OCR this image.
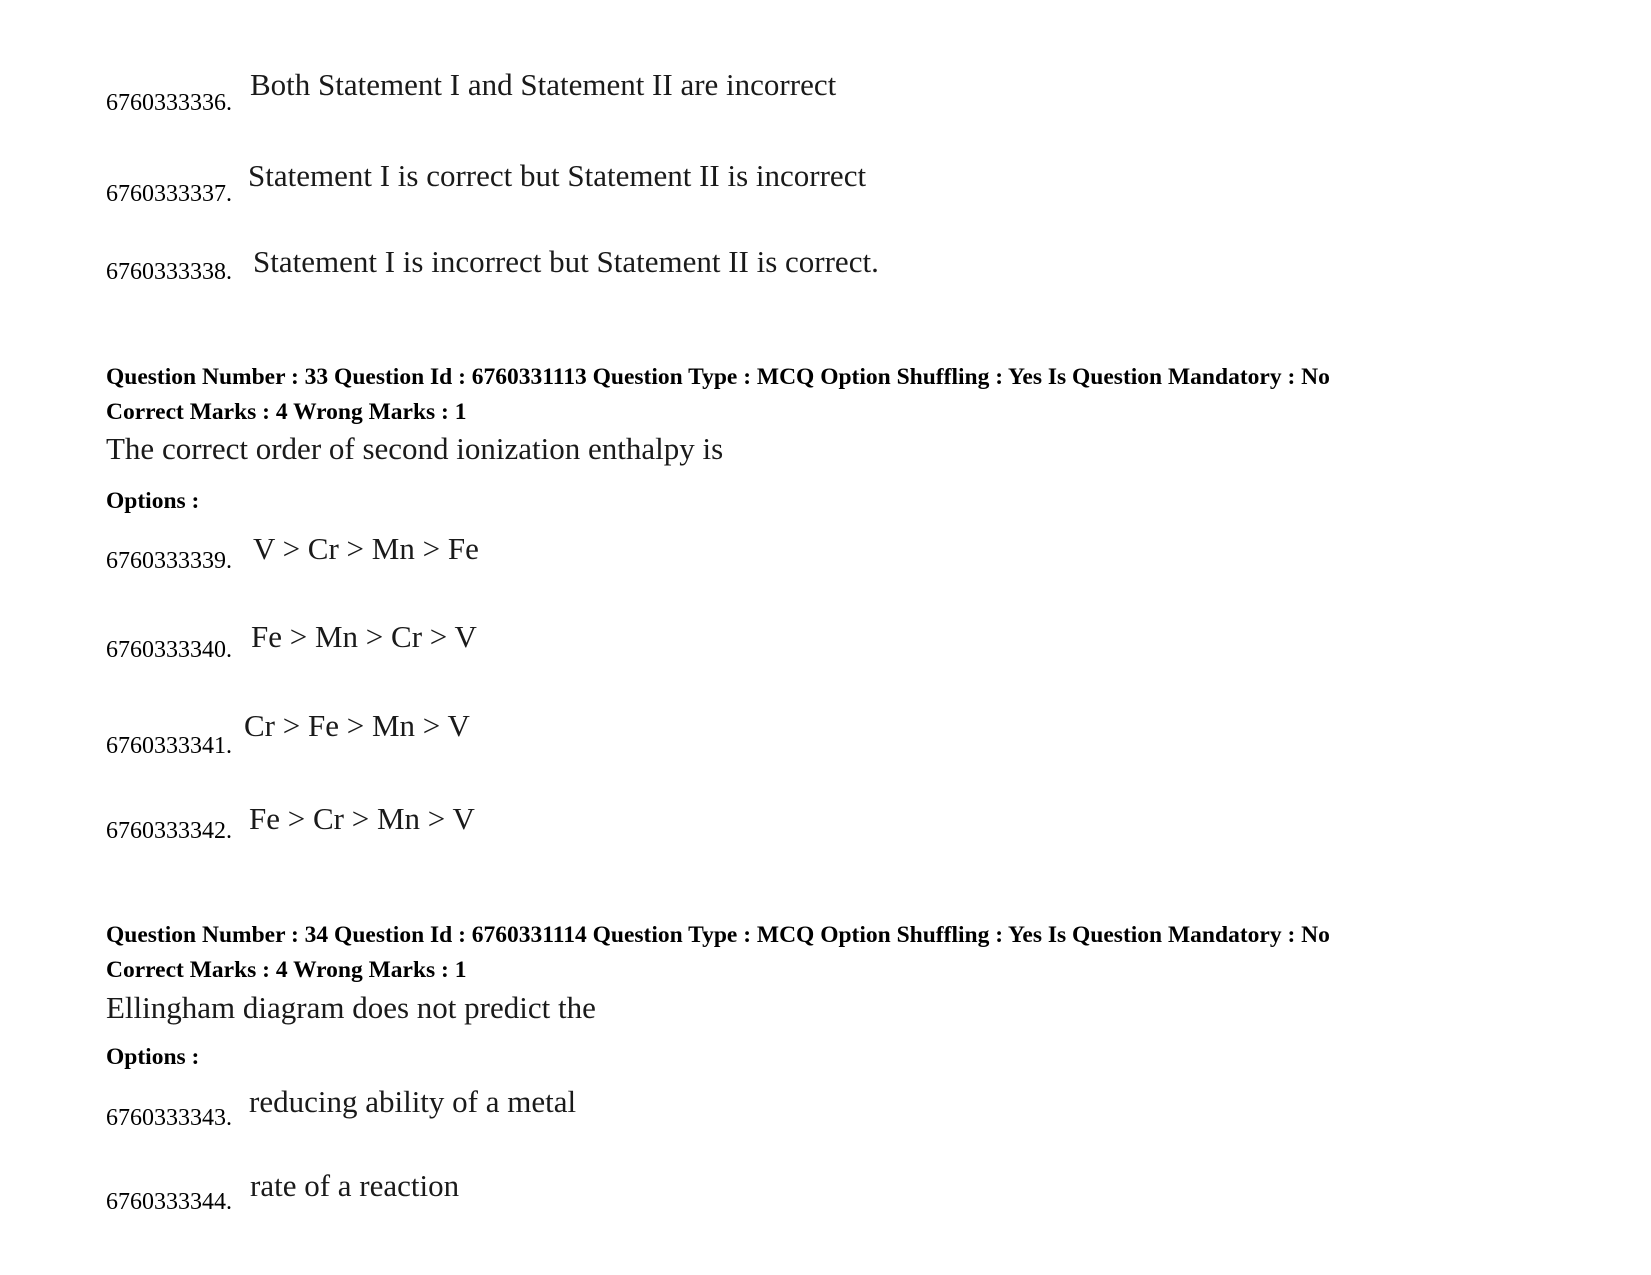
6760333336.
Both Statement I and Statement II are incorrect
6760333337.
Statement I is correct but Statement II is incorrect
6760333338. Statement I is incorrect but Statement II is correct.
Question Number : 33 Question Id : 6760331113 Question Type : MCQ Option Shuffling : Yes Is Question Mandatory : No
Correct Marks : 4 Wrong Marks : 1
The correct order of second ionization enthalpy is
Options :
6760333339. V > Cr > Mn > Fe
6760333340. Fe > Mn > Cr > V
6760333341.
Cr > Fe > Mn > V
6760333342. Fe > Cr > Mn > V
Question Number : 34 Question Id : 6760331114 Question Type : MCQ Option Shuffling : Yes Is Question Mandatory : No
Correct Marks : 4 Wrong Marks : 1
Ellingham diagram does not predict the
Options :
6760333343. reducing ability of a metal
6760333344. rate of a reaction
